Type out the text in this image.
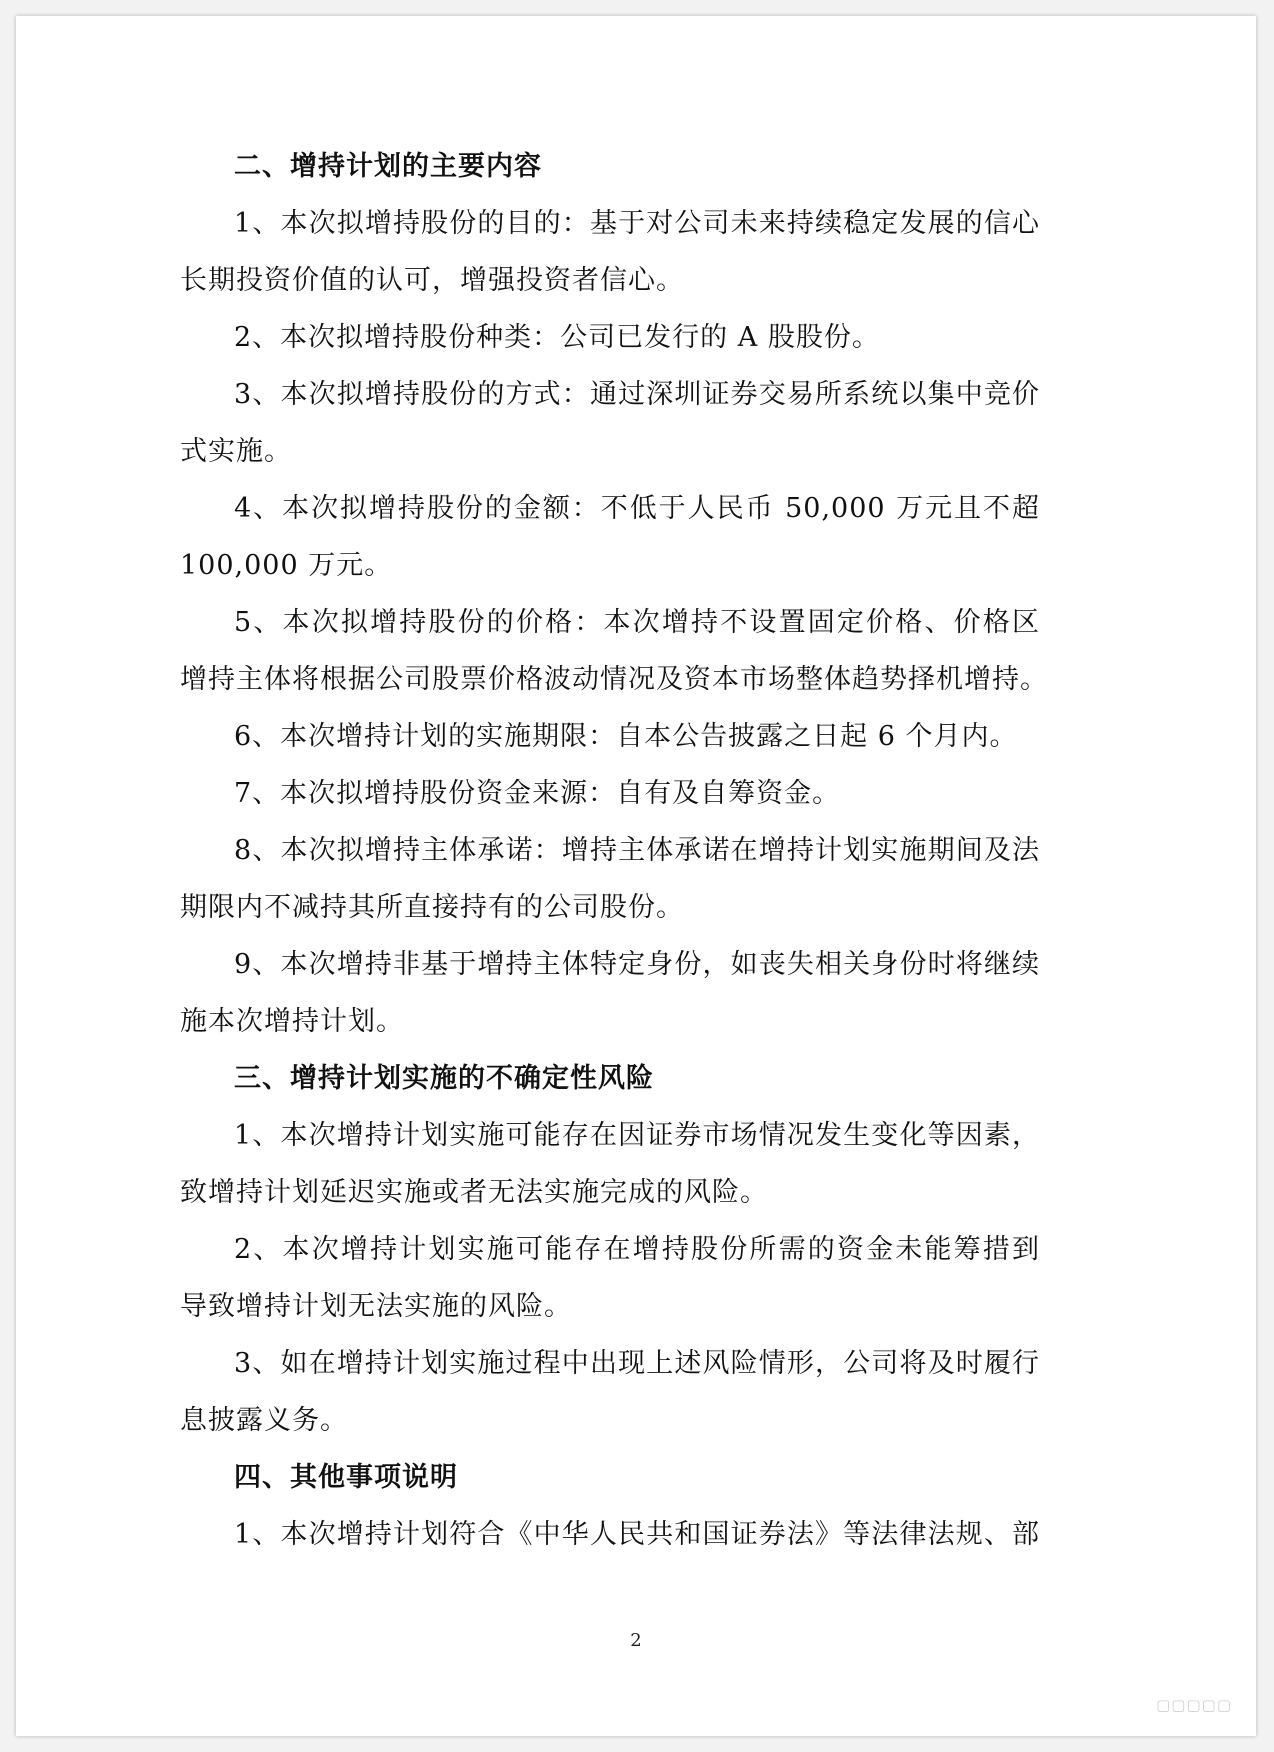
二、增持计划的主要内容
1、本次拟增持股份的目的：基于对公司未来持续稳定发展的信心
长期投资价值的认可，增强投资者信心。
2、本次拟增持股份种类：公司已发行的 A 股股份。
3、本次拟增持股份的方式：通过深圳证券交易所系统以集中竞价
式实施。
4、本次拟增持股份的金额：不低于人民币 50,000 万元且不超
100,000 万元。
5、本次拟增持股份的价格：本次增持不设置固定价格、价格区
增持主体将根据公司股票价格波动情况及资本市场整体趋势择机增持。
6、本次增持计划的实施期限：自本公告披露之日起 6 个月内。
7、本次拟增持股份资金来源：自有及自筹资金。
8、本次拟增持主体承诺：增持主体承诺在增持计划实施期间及法
期限内不减持其所直接持有的公司股份。
9、本次增持非基于增持主体特定身份，如丧失相关身份时将继续
施本次增持计划。
三、增持计划实施的不确定性风险
1、本次增持计划实施可能存在因证券市场情况发生变化等因素，
致增持计划延迟实施或者无法实施完成的风险。
2、本次增持计划实施可能存在增持股份所需的资金未能筹措到
导致增持计划无法实施的风险。
3、如在增持计划实施过程中出现上述风险情形，公司将及时履行
息披露义务。
四、其他事项说明
1、本次增持计划符合《中华人民共和国证券法》等法律法规、部
2
▢▢▢▢▢
